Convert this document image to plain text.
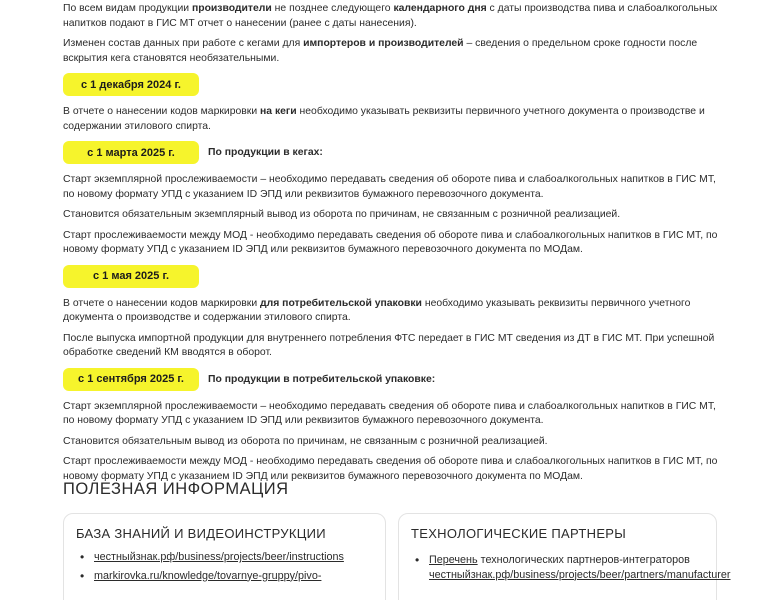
По всем видам продукции производители не позднее следующего календарного дня с даты производства пива и слабоалкогольных напитков подают в ГИС МТ отчет о нанесении (ранее с даты нанесения).

Изменен состав данных при работе с кегами для импортеров и производителей – сведения о предельном сроке годности после вскрытия кега становятся необязательными.

с 1 декабря 2024 г.

В отчете о нанесении кодов маркировки на кеги необходимо указывать реквизиты первичного учетного документа о производстве и содержании этилового спирта.

с 1 марта 2025 г.	По продукции в кегах:

Старт экземплярной прослеживаемости – необходимо передавать сведения об обороте пива и слабоалкогольных напитков в ГИС МТ, по новому формату УПД с указанием ID ЭПД или реквизитов бумажного перевозочного документа.

Становится обязательным экземплярный вывод из оборота по причинам, не связанным с розничной реализацией.

Старт прослеживаемости между МОД - необходимо передавать сведения об обороте пива и слабоалкогольных напитков в ГИС МТ, по новому формату УПД с указанием ID ЭПД или реквизитов бумажного перевозочного документа по МОДам.

с 1 мая 2025 г.

В отчете о нанесении кодов маркировки для потребительской упаковки необходимо указывать реквизиты первичного учетного документа о производстве и содержании этилового спирта.

После выпуска импортной продукции для внутреннего потребления ФТС передает в ГИС МТ сведения из ДТ в ГИС МТ. При успешной обработке сведений КМ вводятся в оборот.

с 1 сентября 2025 г.	По продукции в потребительской упаковке:

Старт экземплярной прослеживаемости – необходимо передавать сведения об обороте пива и слабоалкогольных напитков в ГИС МТ, по новому формату УПД с указанием ID ЭПД или реквизитов бумажного перевозочного документа.

Становится обязательным вывод из оборота по причинам, не связанным с розничной реализацией.

Старт прослеживаемости между МОД - необходимо передавать сведения об обороте пива и слабоалкогольных напитков в ГИС МТ, по новому формату УПД с указанием ID ЭПД или реквизитов бумажного перевозочного документа по МОДам.

ПОЛЕЗНАЯ ИНФОРМАЦИЯ
БАЗА ЗНАНИЙ И ВИДЕОИНСТРУКЦИИ
• честныйзнак.рф/business/projects/beer/instructions
• markirovka.ru/knowledge/tovarnye-gruppy/pivo-
ТЕХНОЛОГИЧЕСКИЕ ПАРТНЕРЫ
• Перечень технологических партнеров-интеграторов честныйзнак.рф/business/projects/beer/partners/manufacturer
